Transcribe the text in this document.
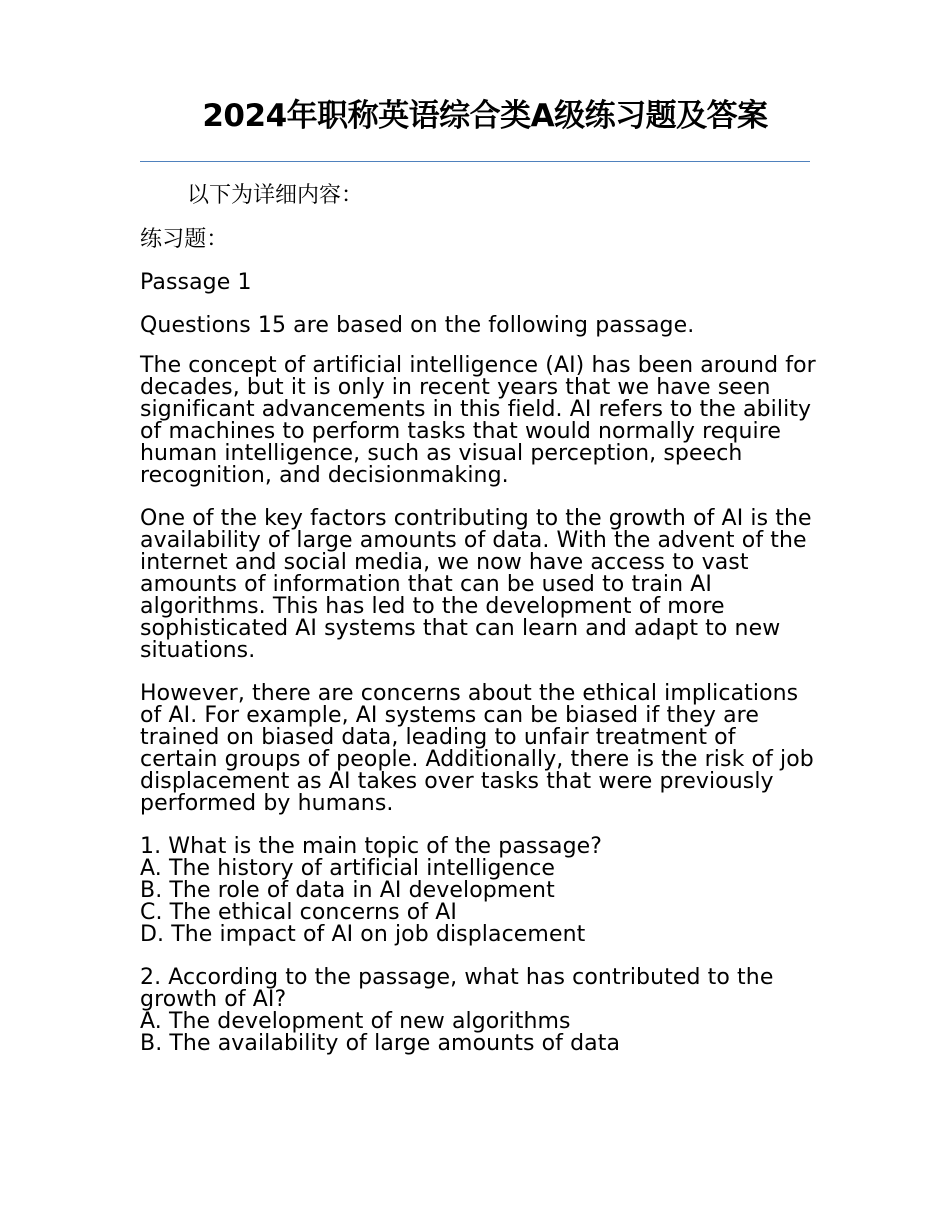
2024年职称英语综合类A级练习题及答案
以下为详细内容：

练习题：

Passage 1

Questions 15 are based on the following passage.

The concept of artificial intelligence (AI) has been around for decades, but it is only in recent years that we have seen significant advancements in this field. AI refers to the ability of machines to perform tasks that would normally require human intelligence, such as visual perception, speech recognition, and decisionmaking.

One of the key factors contributing to the growth of AI is the availability of large amounts of data. With the advent of the internet and social media, we now have access to vast amounts of information that can be used to train AI algorithms. This has led to the development of more sophisticated AI systems that can learn and adapt to new situations.

However, there are concerns about the ethical implications of AI. For example, AI systems can be biased if they are trained on biased data, leading to unfair treatment of certain groups of people. Additionally, there is the risk of job displacement as AI takes over tasks that were previously performed by humans.

1. What is the main topic of the passage?
A. The history of artificial intelligence
B. The role of data in AI development
C. The ethical concerns of AI
D. The impact of AI on job displacement
2. According to the passage, what has contributed to the growth of AI?
A. The development of new algorithms
B. The availability of large amounts of data
